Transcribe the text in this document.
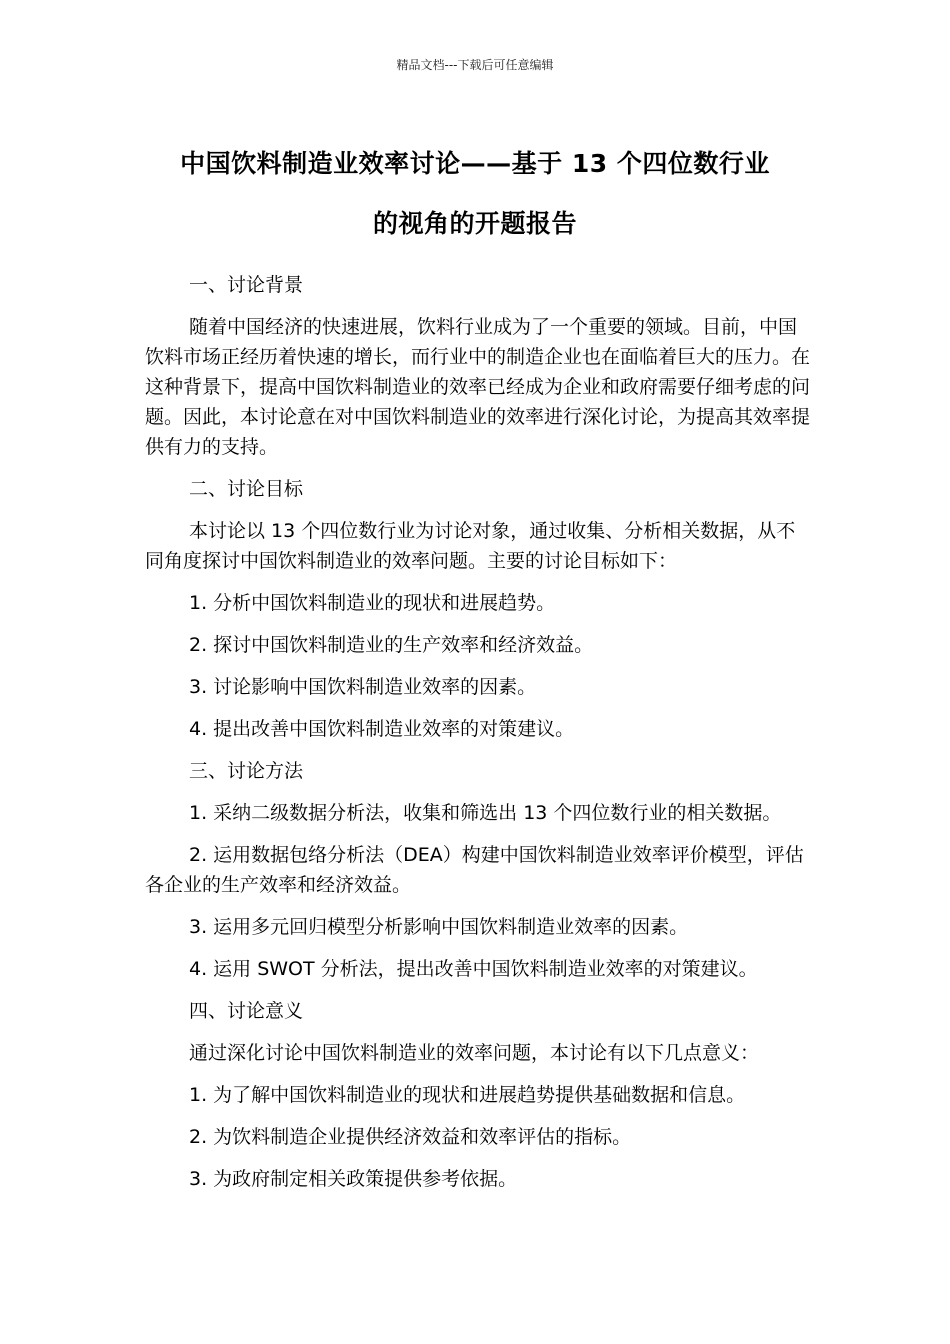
精品文档---下载后可任意编辑
中国饮料制造业效率讨论——基于 13 个四位数行业
的视角的开题报告

一、讨论背景

随着中国经济的快速进展，饮料行业成为了一个重要的领域。目前，中国饮料市场正经历着快速的增长，而行业中的制造企业也在面临着巨大的压力。在这种背景下，提高中国饮料制造业的效率已经成为企业和政府需要仔细考虑的问题。因此，本讨论意在对中国饮料制造业的效率进行深化讨论，为提高其效率提供有力的支持。

二、讨论目标

本讨论以 13 个四位数行业为讨论对象，通过收集、分析相关数据，从不同角度探讨中国饮料制造业的效率问题。主要的讨论目标如下：

1. 分析中国饮料制造业的现状和进展趋势。

2. 探讨中国饮料制造业的生产效率和经济效益。

3. 讨论影响中国饮料制造业效率的因素。

4. 提出改善中国饮料制造业效率的对策建议。

三、讨论方法

1. 采纳二级数据分析法，收集和筛选出 13 个四位数行业的相关数据。

2. 运用数据包络分析法（DEA）构建中国饮料制造业效率评价模型，评估各企业的生产效率和经济效益。

3. 运用多元回归模型分析影响中国饮料制造业效率的因素。

4. 运用 SWOT 分析法，提出改善中国饮料制造业效率的对策建议。

四、讨论意义

通过深化讨论中国饮料制造业的效率问题，本讨论有以下几点意义：

1. 为了解中国饮料制造业的现状和进展趋势提供基础数据和信息。

2. 为饮料制造企业提供经济效益和效率评估的指标。

3. 为政府制定相关政策提供参考依据。
